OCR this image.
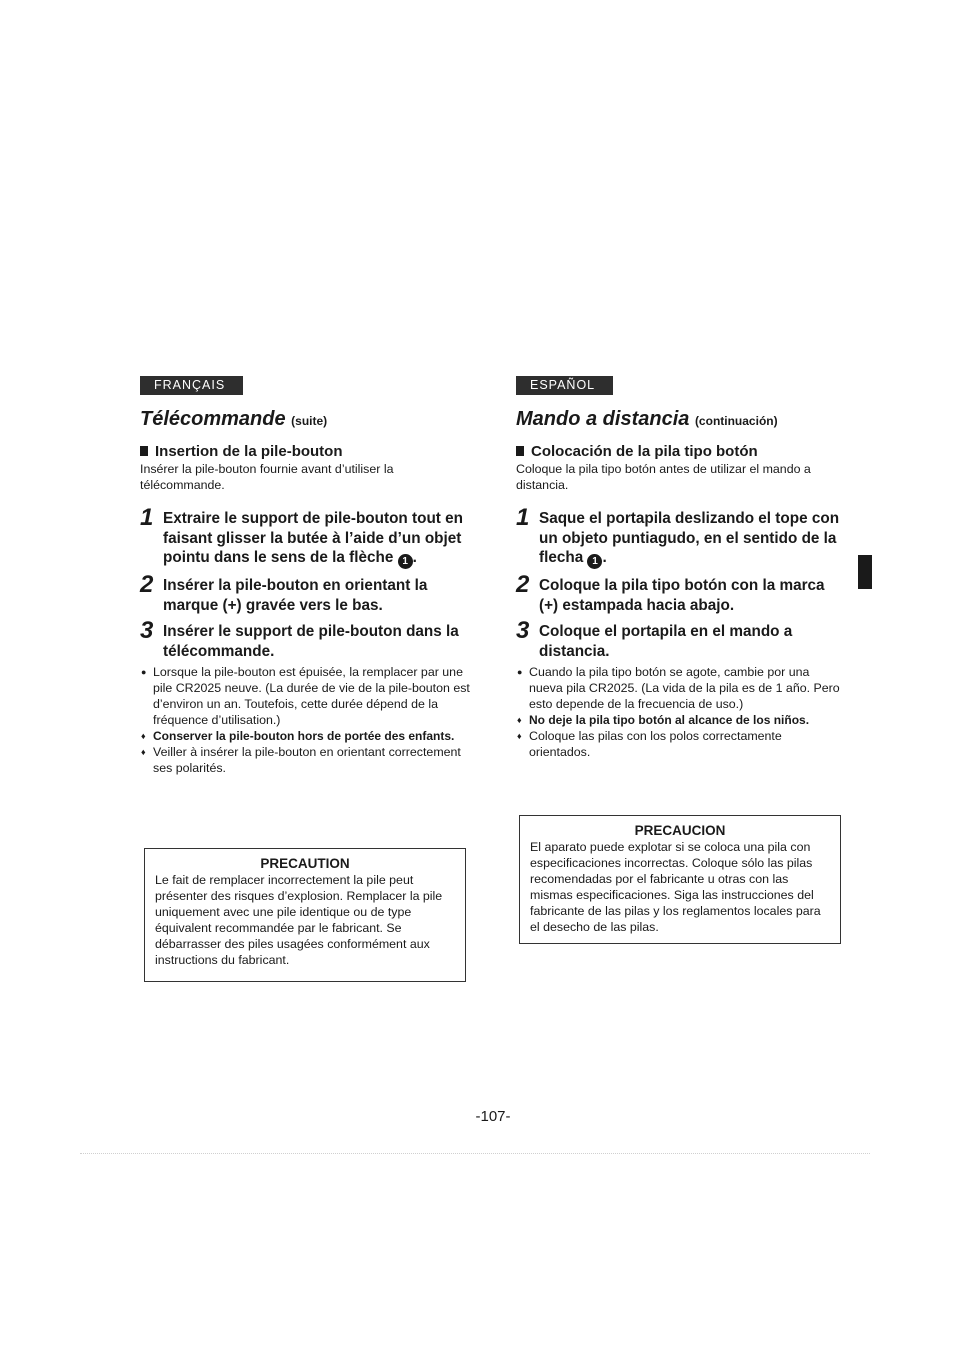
FRANÇAIS
Télécommande (suite)
Insertion de la pile-bouton
Insérer la pile-bouton fournie avant d’utiliser la télécommande.
1 Extraire le support de pile-bouton tout en faisant glisser la butée à l’aide d’un objet pointu dans le sens de la flèche 1 .
2 Insérer la pile-bouton en orientant la marque (+) gravée vers le bas.
3 Insérer le support de pile-bouton dans la télécommande.
● Lorsque la pile-bouton est épuisée, la remplacer par une pile CR2025 neuve. (La durée de vie de la pile-bouton est d’environ un an. Toutefois, cette durée dépend de la fréquence d’utilisation.)
♦ Conserver la pile-bouton hors de portée des enfants.
♦ Veiller à insérer la pile-bouton en orientant correctement ses polarités.
PRECAUTION
Le fait de remplacer incorrectement la pile peut présenter des risques d’explosion. Remplacer la pile uniquement avec une pile identique ou de type équivalent recommandée par le fabricant. Se débarrasser des piles usagées conformément aux instructions du fabricant.
ESPAÑOL
Mando a distancia (continuación)
Colocación de la pila tipo botón
Coloque la pila tipo botón antes de utilizar el mando a distancia.
1 Saque el portapila deslizando el tope con un objeto puntiagudo, en el sentido de la flecha 1 .
2 Coloque la pila tipo botón con la marca (+) estampada hacia abajo.
3 Coloque el portapila en el mando a distancia.
● Cuando la pila tipo botón se agote, cambie por una nueva pila CR2025. (La vida de la pila es de 1 año. Pero esto depende de la frecuencia de uso.)
♦ No deje la pila tipo botón al alcance de los niños.
♦ Coloque las pilas con los polos correctamente orientados.
PRECAUCION
El aparato puede explotar si se coloca una pila con especificaciones incorrectas. Coloque sólo las pilas recomendadas por el fabricante u otras con las mismas especificaciones. Siga las instrucciones del fabricante de las pilas y los reglamentos locales para el desecho de las pilas.
-107-
